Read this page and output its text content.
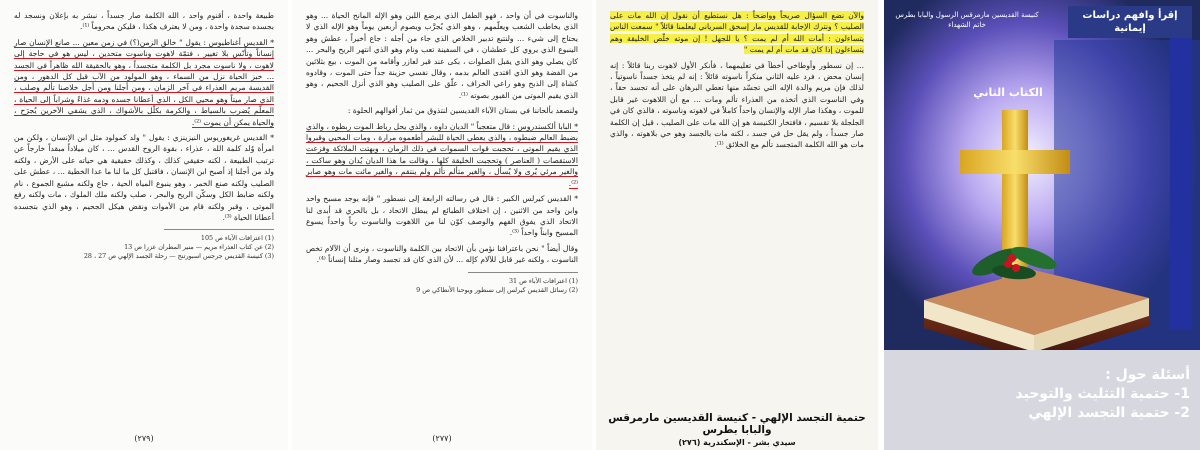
طبيعة واحدة ، أقنوم واحد ، الله الكلمة صار جسداً ، نبشر به بإعلان ونسجد له بجسده سجدة واحدة ، ومن لا يعترف هكذا ، فليكن محروماً ⁽¹⁾.

* القديس أغناطيوس : يقول " خالق الزمن(؟) في زمن معين ... صانع الإنسان صار إنساناً وتأنّس بلا تغيير ، فتمّة لاهوت وناسوت متحدين ، ليس هو في حاجة إلى لاهوت ، ولا ناسوت مجرد بل الكلمة متجسداً ، وهو بالحقيقة الله ظاهراً في الجسد ... خبز الحياة نزل من السماء ، وهو المولود من الآب قبل كل الدهور ، ومن القديسة مريم العذراء في آخر الزمان ، ومن أجلنا ومن أجل خلاصنا تألم وصلب ، الذي صار ميتاً وهو محيي الكل ، الذي أعطانا جسده ودمه غذاءً وشراباً إلى الحياة ، المعلّم يُضرب بالسياط ، والكرمة بكلّل بالأشواك ، الذي يشفي الآخرين يُجرَح ، والحياة يمكن أن يموت ⁽²⁾.

* القديس غريغوريوس النيزينزي : يقول " ولد كمولود مثل ابن الإنسان ، ولكن من امرأة وُلد كلمة الله ، عذراء ، بقوة الروح القدس ... ، كان ميلاداً مبقداً خارجاً عن ترتيب الطبيعة ، لكنه حقيقي كذلك ، وكذلك حقيقية هي حياته على الأرض ، ولكنه ولد من أجلنا إذ أصبح ابن الإنسان ، فاقتبل كل ما لنا ما عدا الخطية ... ، عطش على الصليب ولكنه صنع الخمر ، وهو ينبوع المياه الحية ، جاع ولكنه مشبع الجموع ، نام ولكنه ضابط الكل وسكّن الريح والبحر ، صلب ولكنه ملك الملوك ، مات ولكنه رفع الموتى ، وقبر ولكنه قام من الأموات ونقض هيكل الجحيم ، وهو الذي بتجسده أعطانا الحياة ⁽³⁾.

(1) اعترافات الآباء ص 105

(2) عن كتاب العذراء مريم — منير المطران عزرا ص 13

(3) كنيسة القديس جرجس اسبورتنج — رحلة الجسد الإلهي ص 27 ، 28

(٢٧٩)

والناسوت في أن واحد ، فهو الطفل الذي يرضع اللبن وهو الإله المانح الحياة ... وهو الذي يخاطب الشعب ويعلّمهم ، وهو الذي يُجرَّب ويصوم أربعين يوماً وهو الإله الذي لا يحتاج إلى شيء ... ولنتبع تدبير الخلاص الذي جاء من أجله : جاع أخيراً ، عطش وهو الينبوع الذي يروي كل عطشان ، في السفينة تعب ونام وهو الذي انتهر الريح والبحر ... كان يصلي وهو الذي يقبل الصلوات ، بكى عند قبر لعازر وأقامه من الموت ، بيع بثلاثين من الفضة وهو الذي افتدى العالم بدمه ، وقال نفسي حزينة جداً حتى الموت ، وقادوه كشاة إلى الذبح وهو راعي الخراف ، علّق على الصليب وهو الذي أنزل الجحيم ، وهو الذي يقيم الموتى من القبور بصوته ⁽¹⁾.

ولنصعد بألحاننا في بستان الآباء القديسين لنتذوق من ثمار أقوالهم الحلوة :

* البابا ألكسندروس : قال متعجباً " الديان داوه ، والذي يحل رباط الموت ربطوه ، والذي يضبط العالم ضبطوه ، والذي يعطي الحياة للبشر أطعموه مرارة ، ومات المحيي وقبروا الذي يقيم الموتى ، تحجبت قوات السموات في ذلك الزمان ، وبهتت الملائكة وفزعت الاستقصات ( العناصر ) وتحجبت الخليقة كلها ، وقالت ما هذا الديان يُدان وهو ساكت ، والغير مرئي يُرى ولا يُسأل ، والغير متألم تألم ولم ينتقم ، والغير مائت مات وهو صابر ⁽²⁾.

* القديس كيرلس الكبير : قال في رسالته الرابعة إلى نسطور " فإنه يوجد مسيح واحد وابن واحد من الاثنين ، إن اختلاف الطبائع لم يبطل الاتحاد ، بل بالحري قد أبدى لنا الاتحاد الذي يفوق الفهم والوصف كوّن لنا من اللاهوت والناسوت رباً واحداً يسوع المسيح وابناً واحداً ⁽³⁾.

وقال أيضاً " نحن باعترافنا نؤمن بأن الاتحاد بين الكلمة والناسوت ، ونرى أن الآلام تخص الناسوت ، ولكنه غير قابل للآلام كإله ... لأن الذي كان قد تجسد وصار مثلنا إنساناً ⁽⁴⁾.

(1) اعترافات الآباء ص 31

(2) رسائل القديس كيرلس إلى نسطور ويوحنا الأنطاكي ص 9

(٢٧٧)

والآن نضع السؤال صريحاً وواضحاً : هل نستطيع أن نقول إن الله مات على الصليب ؟ ونترك الإجابة للقديس مار إسحق السرياني ليعلمنا قائلاً " سمعت الناس يتساءلون : أمات الله أم لم يمت ؟ يا للجهل ! إن موته خلّص الخليقة وهم يتساءلون إذا كان قد مات أم لم يمت "

... إن نسطور وأوطاخي أخطآ في تعليمهما ، فأنكر الأول لاهوت ربنا قائلاً : إنه إنسان محض ، فرد عليه الثاني منكراً ناسوته قائلاً : إنه لم يتخذ جسداً ناسوتياً ، لذلك فإن مريم والدة الإله التي تجسّد منها تعطي البرهان على أنه تجسد حقاً ، وفي الناسوت الذي أتخذه من العذراء تألم ومات ... مع أن اللاهوت غير قابل للموت ، وهكذا صار الإله والإنسان واحداً كاملاً في لاهوته وناسوته ، فالذي كان في الجلجلة بلا تقسيم ، فافتخار الكنيسة هو إن الله مات على الصليب ، قيل إن الكلمة صار جسداً ، ولم يقل حل في جسد ، لكنه مات بالجسد وهو حي بلاهوته ، والذي مات هو الله الكلمة المتجسد تألم مع الخلائق ⁽¹⁾.

حتمية التجسد الإلهي - كنيسة القديسين مارمرقس والبابا بطرس
سيدي بشر - الإسكندرية (٢٧٦)
كنيسة القديسين مارمرقس الرسول والبابا بطرس خاتم الشهداء
إقرأ وافهم دراسات إيمانية
الكتاب الثاني
أسئلة حول :
1- حتمية التثليث والتوحيد
2- حتمية التجسد الإلهي
